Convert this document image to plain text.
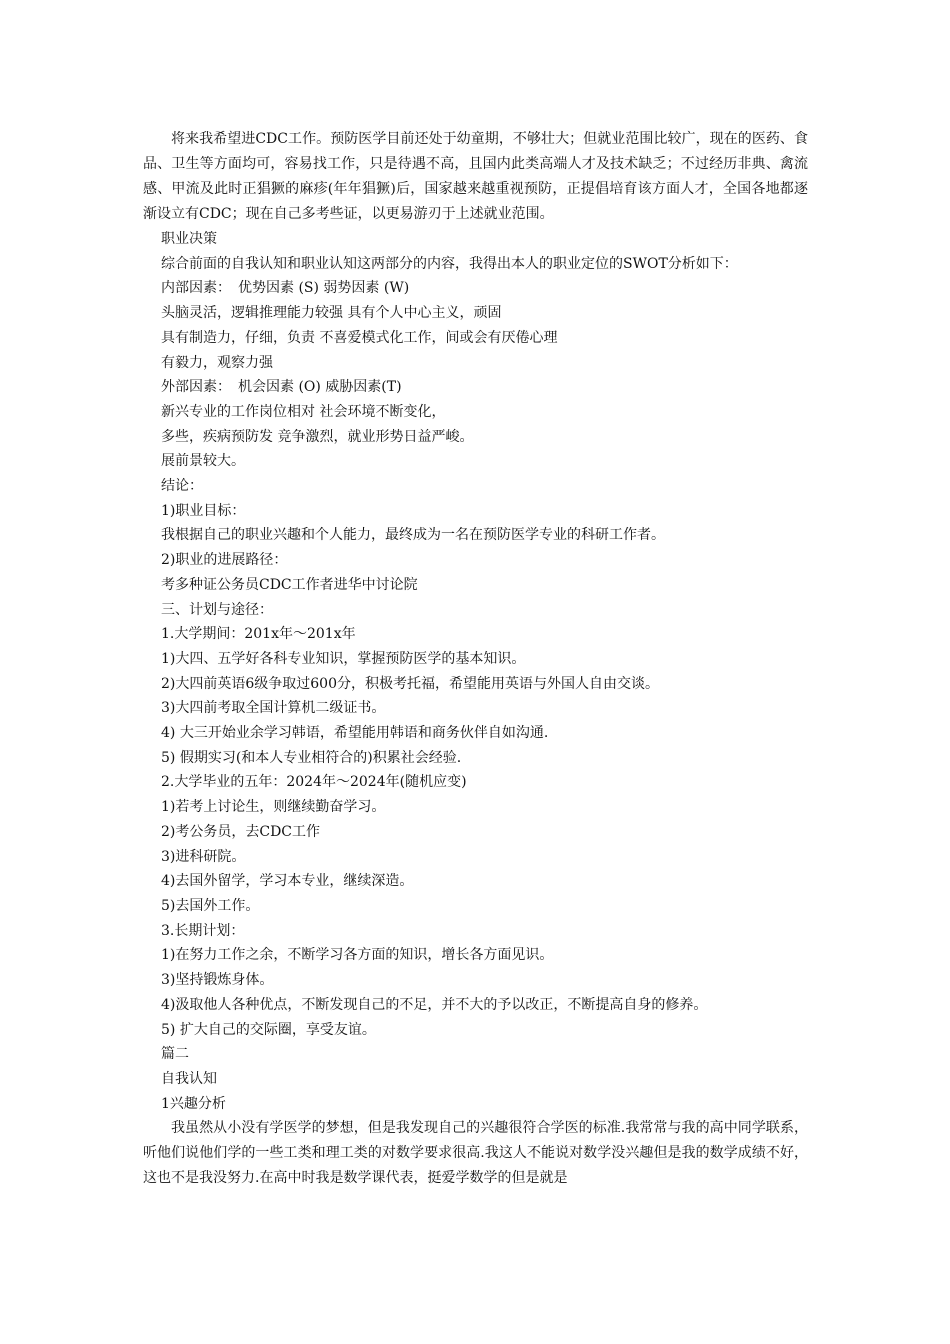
将来我希望进CDC工作。预防医学目前还处于幼童期，不够壮大；但就业范围比较广，现在的医药、食品、卫生等方面均可，容易找工作，只是待遇不高，且国内此类高端人才及技术缺乏；不过经历非典、禽流感、甲流及此时正猖獗的麻疹(年年猖獗)后，国家越来越重视预防，正提倡培育该方面人才，全国各地都逐渐设立有CDC；现在自己多考些证，以更易游刃于上述就业范围。

职业决策

综合前面的自我认知和职业认知这两部分的内容，我得出本人的职业定位的SWOT分析如下：

内部因素：　优势因素 (S) 弱势因素 (W)

头脑灵活，逻辑推理能力较强 具有个人中心主义，顽固

具有制造力，仔细，负责 不喜爱模式化工作，间或会有厌倦心理

有毅力，观察力强

外部因素：　机会因素 (O) 威胁因素(T)

新兴专业的工作岗位相对 社会环境不断变化，

多些，疾病预防发 竞争激烈，就业形势日益严峻。

展前景较大。

结论：

1)职业目标：

我根据自己的职业兴趣和个人能力，最终成为一名在预防医学专业的科研工作者。

2)职业的进展路径：

考多种证公务员CDC工作者进华中讨论院

三、计划与途径：

1.大学期间：201x年～201x年

1)大四、五学好各科专业知识，掌握预防医学的基本知识。

2)大四前英语6级争取过600分，积极考托福，希望能用英语与外国人自由交谈。

3)大四前考取全国计算机二级证书。

4) 大三开始业余学习韩语，希望能用韩语和商务伙伴自如沟通.

5) 假期实习(和本人专业相符合的)积累社会经验.

2.大学毕业的五年：2024年～2024年(随机应变)

1)若考上讨论生，则继续勤奋学习。

2)考公务员，去CDC工作

3)进科研院。

4)去国外留学，学习本专业，继续深造。

5)去国外工作。

3.长期计划：

1)在努力工作之余，不断学习各方面的知识，增长各方面见识。

3)坚持锻炼身体。

4)汲取他人各种优点，不断发现自己的不足，并不大的予以改正，不断提高自身的修养。

5) 扩大自己的交际圈，享受友谊。

篇二

自我认知

1兴趣分析

我虽然从小没有学医学的梦想，但是我发现自己的兴趣很符合学医的标准.我常常与我的高中同学联系，听他们说他们学的一些工类和理工类的对数学要求很高.我这人不能说对数学没兴趣但是我的数学成绩不好，这也不是我没努力.在高中时我是数学课代表，挺爱学数学的但是就是
